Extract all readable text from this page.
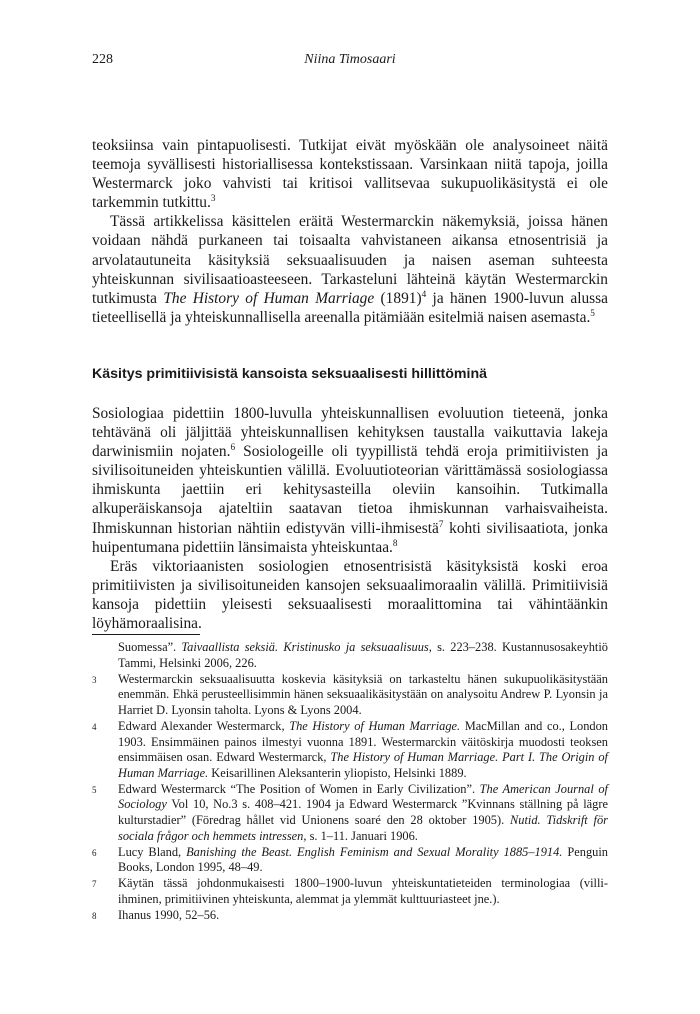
228	Niina Timosaari

teoksiinsa vain pintapuolisesti. Tutkijat eivät myöskään ole analysoineet näitä teemoja syvällisesti historiallisessa kontekstissaan. Varsinkaan niitä tapoja, joilla Westermarck joko vahvisti tai kritisoi vallitsevaa sukupuolikäsitystä ei ole tarkemmin tutkittu.$^3$

Tässä artikkelissa käsittelen eräitä Westermarckin näkemyksiä, joissa hänen voidaan nähdä purkaneen tai toisaalta vahvistaneen aikansa etnosentrisiä ja arvolatautuneita käsityksiä seksuaalisuuden ja naisen aseman suhteesta yhteiskunnan sivilisaatioasteeseen. Tarkasteluni lähteinä käytän Westermarckin tutkimusta The History of Human Marriage $(1891)^4$ ja hänen 1900-luvun alussa tieteellisellä ja yhteiskunnallisella areenalla pitämiään esitelmiä naisen asemasta.$^5$

Käsitys primitiivisistä kansoista seksuaalisesti hillittöminä

Sosiologiaa pidettiin 1800-luvulla yhteiskunnallisen evoluution tieteenä, jonka tehtävänä oli jäljittää yhteiskunnallisen kehityksen taustalla vaikuttavia lakeja darwinismiin nojaten.$^6$ Sosiologeille oli tyypillistä tehdä eroja primitiivisten ja sivilisoituneiden yhteiskuntien välillä. Evoluutioteorian värittämässä sosiologiassa ihmiskunta jaettiin eri kehitysasteilla oleviin kansoihin. Tutkimalla alkuperäiskansoja ajateltiin saatavan tietoa ihmiskunnan varhaisvaiheista. Ihmiskunnan historian nähtiin edistyvän villi-ihmisestä$^7$ kohti sivilisaatiota, jonka huipentumana pidettiin länsimaista yhteiskuntaa.$^8$

Eräs viktoriaanisten sosiologien etnosentrisistä käsityksistä koski eroa primitiivisten ja sivilisoituneiden kansojen seksuaalimoraalin välillä. Primitiivisiä kansoja pidettiin yleisesti seksuaalisesti moraalittomina tai vähintäänkin löyhämoraalisina.

Suomessa”. Taivaallista seksiä. Kristinusko ja seksuaalisuus, s. 223–238. Kustannusosakeyhtiö Tammi, Helsinki 2006, 226.
3 Westermarckin seksuaalisuutta koskevia käsityksiä on tarkasteltu hänen sukupuolikäsitystään enemmän. Ehkä perusteellisimmin hänen seksuaalikäsitystään on analysoitu Andrew P. Lyonsin ja Harriet D. Lyonsin taholta. Lyons & Lyons 2004.
4 Edward Alexander Westermarck, The History of Human Marriage. MacMillan and co., London 1903. Ensimmäinen painos ilmestyi vuonna 1891. Westermarckin väitöskirja muodosti teoksen ensimmäisen osan. Edward Westermarck, The History of Human Marriage. Part I. The Origin of Human Marriage. Keisarillinen Aleksanterin yliopisto, Helsinki 1889.
5 Edward Westermarck “The Position of Women in Early Civilization”. The American Journal of Sociology Vol 10, No.3 s. 408–421. 1904 ja Edward Westermarck ”Kvinnans ställning på lägre kulturstadier” (Föredrag hållet vid Unionens soaré den 28 oktober 1905). Nutid. Tidskrift för sociala frågor och hemmets intressen, s. 1–11. Januari 1906.
6 Lucy Bland, Banishing the Beast. English Feminism and Sexual Morality 1885–1914. Penguin Books, London 1995, 48–49.
7 Käytän tässä johdonmukaisesti 1800–1900-luvun yhteiskuntatieteiden terminologiaa (villi-ihminen, primitiivinen yhteiskunta, alemmat ja ylemmät kulttuuriasteet jne.).
8 Ihanus 1990, 52–56.
